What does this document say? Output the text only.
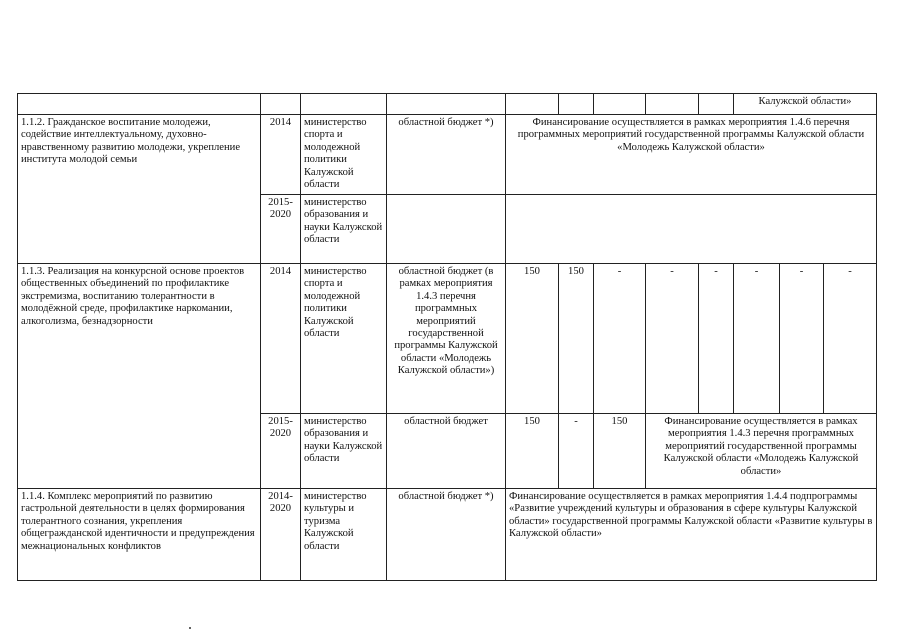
									Калужской области»		
1.1.2. Гражданское воспитание молодежи, содействие интеллектуальному, духовно-нравственному развитию молодежи, укрепление института молодой семьи	2014	министерство спорта и молодежной политики Калужской области	областной бюджет *)	Финансирование осуществляется в рамках мероприятия 1.4.6 перечня программных мероприятий государственной программы Калужской области «Молодежь Калужской области»							
	2015-2020	министерство образования и науки Калужской области									
1.1.3. Реализация на конкурсной основе проектов общественных объединений по профилактике экстремизма, воспитанию толерантности в молодёжной среде, профилактике наркомании, алкоголизма, безнадзорности	2014	министерство спорта и молодежной политики Калужской области	областной бюджет (в рамках мероприятия 1.4.3 перечня программных мероприятий государственной программы Калужской области «Молодежь Калужской области»)	150	150	-	-	-	-	-	-
	2015-2020	министерство образования и науки Калужской области	областной бюджет	150	-	150	Финансирование осуществляется в рамках мероприятия 1.4.3 перечня программных мероприятий государственной программы Калужской области «Молодежь Калужской области»				
1.1.4. Комплекс мероприятий по развитию гастрольной деятельности в целях формирования толерантного сознания, укрепления общегражданской идентичности и предупреждения межнациональных конфликтов	2014-2020	министерство культуры и туризма Калужской области	областной бюджет *)	Финансирование осуществляется в рамках мероприятия 1.4.4 подпрограммы «Развитие учреждений культуры и образования в сфере культуры Калужской области» государственной программы Калужской области «Развитие культуры в Калужской области»							
